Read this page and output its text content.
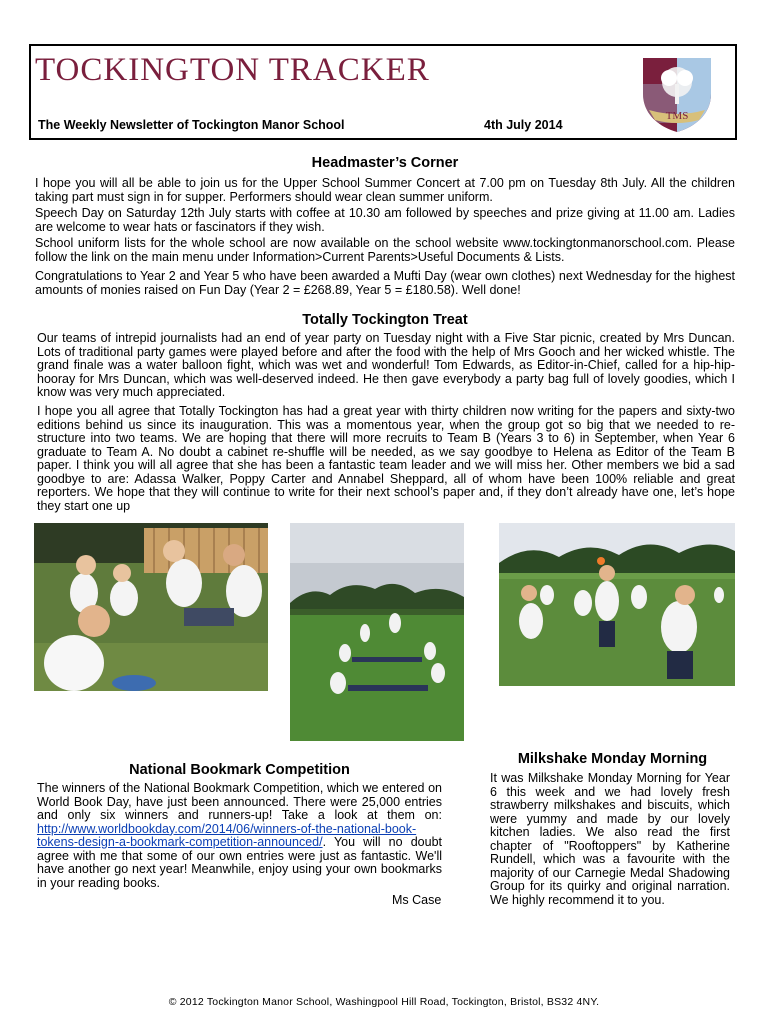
TOCKINGTON TRACKER
The Weekly Newsletter of Tockington Manor School	4th July 2014
TMS
Headmaster’s Corner

I hope you will all be able to join us for the Upper School Summer Concert at 7.00 pm on Tuesday 8th July. All the children taking part must sign in for supper. Performers should wear clean summer uniform.

Speech Day on Saturday 12th July starts with coffee at 10.30 am followed by speeches and prize giving at 11.00 am. Ladies are welcome to wear hats or fascinators if they wish.

School uniform lists for the whole school are now available on the school website www.tockingtonmanorschool.com. Please follow the link on the main menu under Information>Current Parents>Useful Documents & Lists.

Congratulations to Year 2 and Year 5 who have been awarded a Mufti Day (wear own clothes) next Wednesday for the highest amounts of monies raised on Fun Day (Year 2 = £268.89, Year 5 = £180.58). Well done!

Totally Tockington Treat

Our teams of intrepid journalists had an end of year party on Tuesday night with a Five Star picnic, created by Mrs Duncan. Lots of traditional party games were played before and after the food with the help of Mrs Gooch and her wicked whistle. The grand finale was a water balloon fight, which was wet and wonderful! Tom Edwards, as Editor-in-Chief, called for a hip-hip-hooray for Mrs Duncan, which was well-deserved indeed. He then gave everybody a party bag full of lovely goodies, which I know was very much appreciated.

I hope you all agree that Totally Tockington has had a great year with thirty children now writing for the papers and sixty-two editions behind us since its inauguration. This was a momentous year, when the group got so big that we needed to re-structure into two teams. We are hoping that there will more recruits to Team B (Years 3 to 6) in September, when Year 6 graduate to Team A. No doubt a cabinet re-shuffle will be needed, as we say goodbye to Helena as Editor of the Team B paper. I think you will all agree that she has been a fantastic team leader and we will miss her. Other members we bid a sad goodbye to are: Adassa Walker, Poppy Carter and Annabel Sheppard, all of whom have been 100% reliable and great reporters. We hope that they will continue to write for their next school’s paper and, if they don’t already have one, let’s hope they start one up

National Bookmark Competition

The winners of the National Bookmark Competition, which we entered on World Book Day, have just been announced. There were 25,000 entries and only six winners and runners-up! Take a look at them on: http://www.worldbookday.com/2014/06/winners-of-the-national-book-tokens-design-a-bookmark-competition-announced/. You will no doubt agree with me that some of our own entries were just as fantastic. We'll have another go next year! Meanwhile, enjoy using your own bookmarks in your reading books.

Ms Case
Milkshake Monday Morning

It was Milkshake Monday Morning for Year 6 this week and we had lovely fresh strawberry milkshakes and biscuits, which were yummy and made by our lovely kitchen ladies. We also read the first chapter of "Rooftoppers" by Katherine Rundell, which was a favourite with the majority of our Carnegie Medal Shadowing Group for its quirky and original narration. We highly recommend it to you.

© 2012 Tockington Manor School, Washingpool Hill Road, Tockington, Bristol, BS32 4NY.
